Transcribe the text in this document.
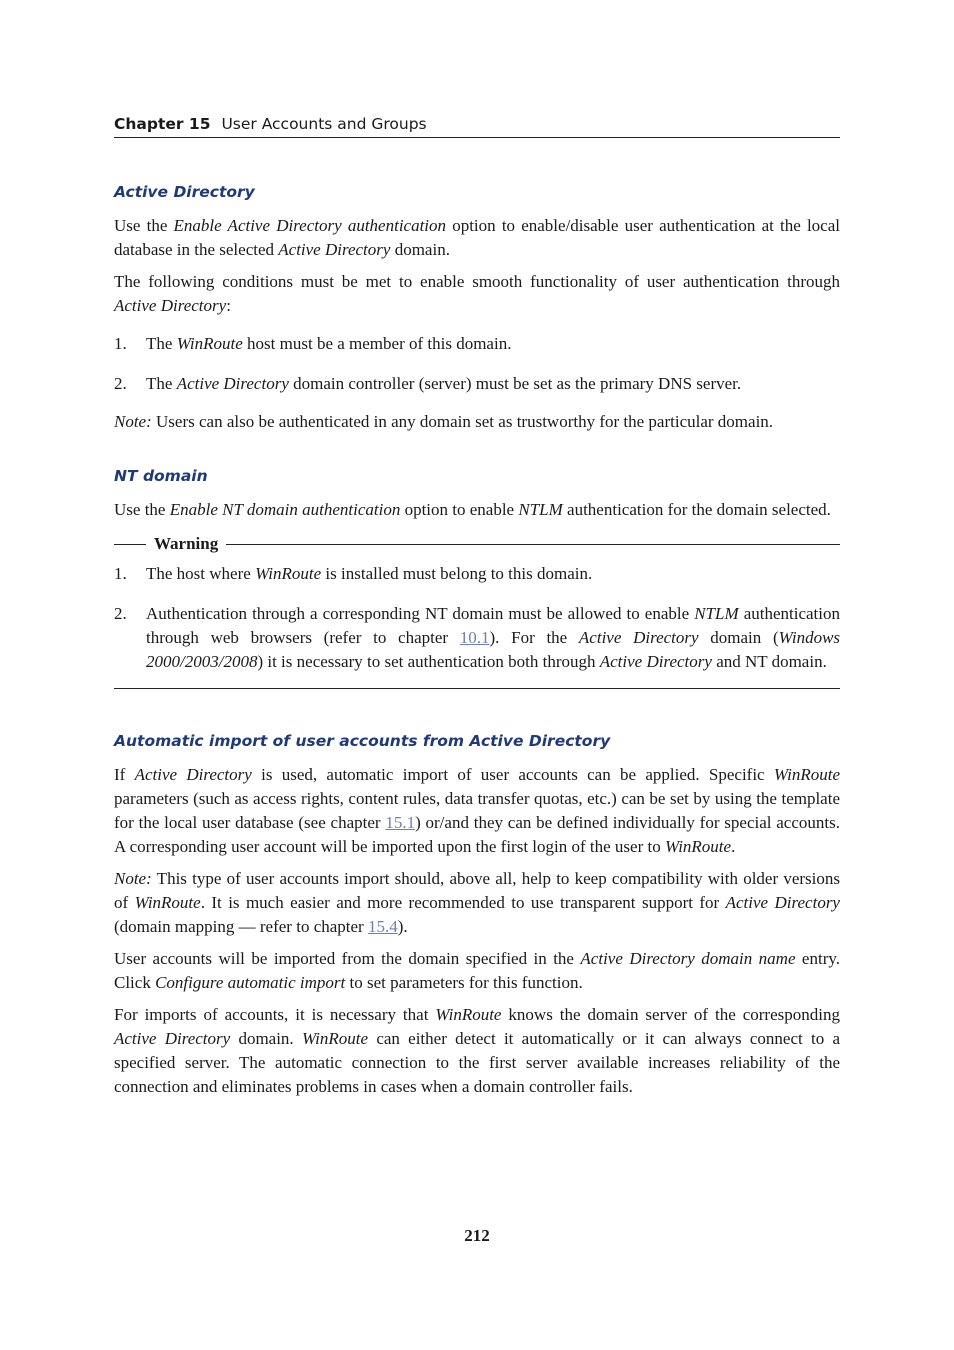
Chapter 15 User Accounts and Groups
Active Directory

Use the Enable Active Directory authentication option to enable/disable user authentication at the local database in the selected Active Directory domain.

The following conditions must be met to enable smooth functionality of user authentication through Active Directory:

1.	The WinRoute host must be a member of this domain.
2.	The Active Directory domain controller (server) must be set as the primary DNS server.

Note: Users can also be authenticated in any domain set as trustworthy for the particular domain.

NT domain

Use the Enable NT domain authentication option to enable NTLM authentication for the domain selected.

Warning
1.	The host where WinRoute is installed must belong to this domain.
2.	Authentication through a corresponding NT domain must be allowed to enable NTLM authentication through web browsers (refer to chapter 10.1). For the Active Directory domain (Windows 2000/2003/2008) it is necessary to set authentication both through Active Directory and NT domain.
Automatic import of user accounts from Active Directory

If Active Directory is used, automatic import of user accounts can be applied. Specific WinRoute parameters (such as access rights, content rules, data transfer quotas, etc.) can be set by using the template for the local user database (see chapter 15.1) or/and they can be defined individually for special accounts. A corresponding user account will be imported upon the first login of the user to WinRoute.

Note: This type of user accounts import should, above all, help to keep compatibility with older versions of WinRoute. It is much easier and more recommended to use transparent support for Active Directory (domain mapping — refer to chapter 15.4).

User accounts will be imported from the domain specified in the Active Directory domain name entry. Click Configure automatic import to set parameters for this function.

For imports of accounts, it is necessary that WinRoute knows the domain server of the corresponding Active Directory domain. WinRoute can either detect it automatically or it can always connect to a specified server. The automatic connection to the first server available increases reliability of the connection and eliminates problems in cases when a domain controller fails.

212
